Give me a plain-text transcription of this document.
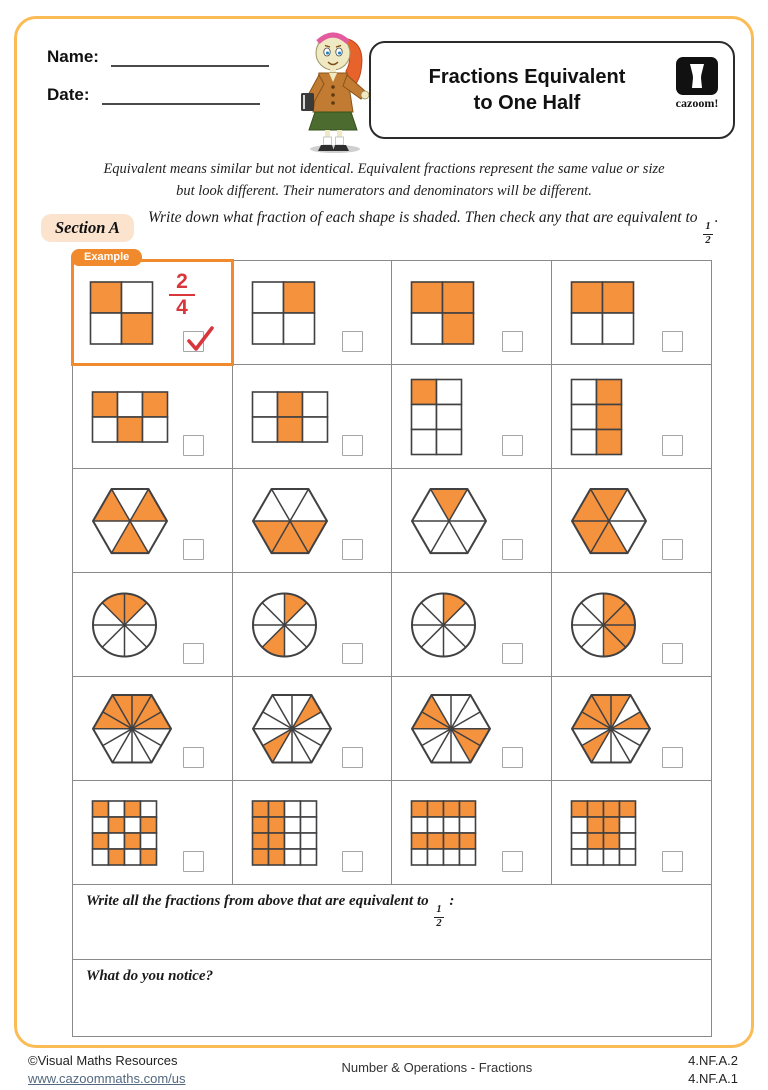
Name:
Date:
Fractions Equivalent
to One Half	cazoom!
Equivalent means similar but not identical. Equivalent fractions represent the same value or size
but look different. Their numerators and denominators will be different.
Section A	Write down what fraction of each shape is shaded. Then check any that are equivalent to
$\frac{1}{2}$
.
Example
$\frac{2}{4}$
Write all the fractions from above that are equivalent to
$\frac{1}{2}$
:
What do you notice?
©Visual Maths Resources
www.cazoommaths.com/us
Number & Operations - Fractions	4.NF.A.2
4.NF.A.1
